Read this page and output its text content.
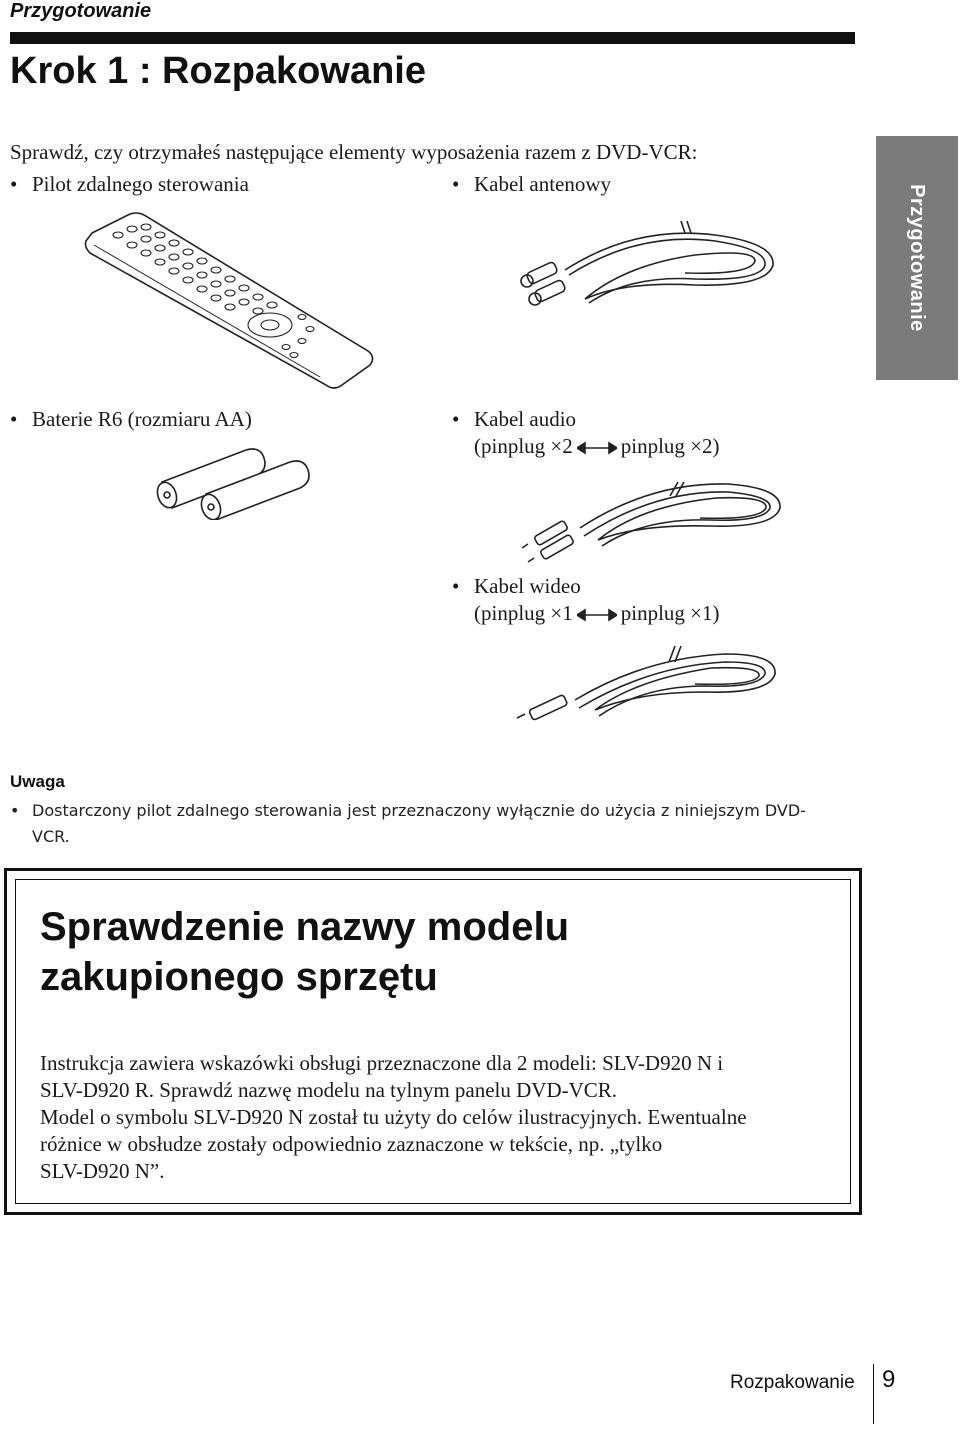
Przygotowanie
Krok 1 : Rozpakowanie
Przygotowanie
Sprawdź, czy otrzymałeś następujące elementy wyposażenia razem z DVD-VCR:
• Pilot zdalnego sterowania	• Kabel antenowy
• Baterie R6 (rozmiaru AA)	• Kabel audio
(pinplug ×2 pinplug ×2)
• Kabel wideo
(pinplug ×1 pinplug ×1)
Uwaga
• Dostarczony pilot zdalnego sterowania jest przeznaczony wyłącznie do użycia z niniejszym DVD-
VCR.
Sprawdzenie nazwy modelu
zakupionego sprzętu
Instrukcja zawiera wskazówki obsługi przeznaczone dla 2 modeli: SLV-D920 N i
SLV-D920 R. Sprawdź nazwę modelu na tylnym panelu DVD-VCR.
Model o symbolu SLV-D920 N został tu użyty do celów ilustracyjnych. Ewentualne
różnice w obsłudze zostały odpowiednio zaznaczone w tekście, np. „tylko
SLV-D920 N”.
Rozpakowanie 9
